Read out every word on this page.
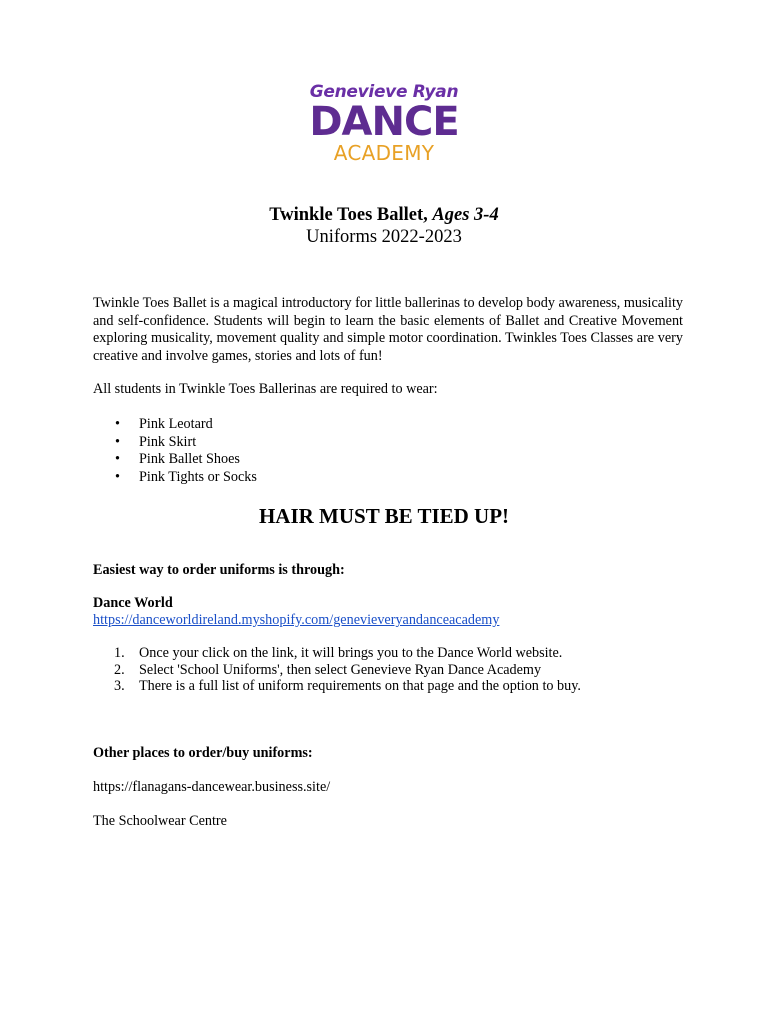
Genevieve Ryan
DANCE
ACADEMY
Twinkle Toes Ballet, Ages 3-4
Uniforms 2022-2023
Twinkle Toes Ballet is a magical introductory for little ballerinas to develop body awareness, musicality and self-confidence. Students will begin to learn the basic elements of Ballet and Creative Movement exploring musicality, movement quality and simple motor coordination. Twinkles Toes Classes are very creative and involve games, stories and lots of fun!
All students in Twinkle Toes Ballerinas are required to wear:
• Pink Leotard
• Pink Skirt
• Pink Ballet Shoes
• Pink Tights or Socks
HAIR MUST BE TIED UP!
Easiest way to order uniforms is through:
Dance World
https://danceworldireland.myshopify.com/genevieveryandanceacademy
1. Once your click on the link, it will brings you to the Dance World website.
2. Select 'School Uniforms', then select Genevieve Ryan Dance Academy
3. There is a full list of uniform requirements on that page and the option to buy.
Other places to order/buy uniforms:
https://flanagans-dancewear.business.site/
The Schoolwear Centre
